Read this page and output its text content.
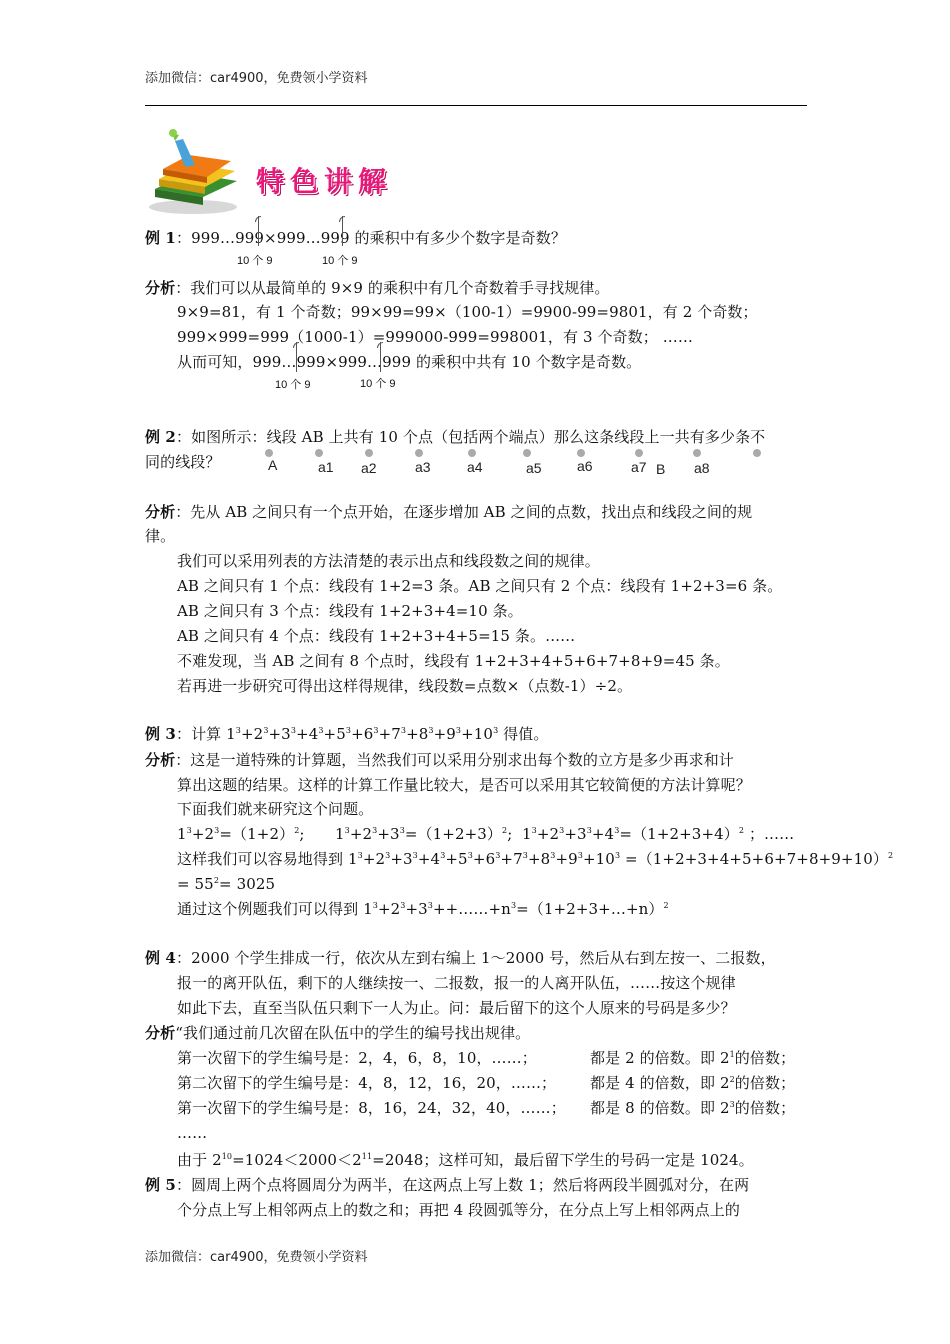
添加微信：car4900，免费领小学资料
添加微信：car4900，免费领小学资料
特色讲解
例 1：999…999×999…999 的乘积中有多少个数字是奇数？
10 个 9	10 个 9
分析：我们可以从最简单的 9×9 的乘积中有几个奇数着手寻找规律。
9×9=81，有 1 个奇数；99×99=99×（100-1）=9900-99=9801，有 2 个奇数；
999×999=999（1000-1）=999000-999=998001，有 3 个奇数； ……
从而可知，999…999×999…999 的乘积中共有 10 个数字是奇数。
10 个 9	10 个 9
例 2：如图所示：线段 AB 上共有 10 个点（包括两个端点）那么这条线段上一共有多少条不
同的线段？	A	a1 a2	a3	a4	a5	a6	a7 B a8
分析：先从 AB 之间只有一个点开始，在逐步增加 AB 之间的点数，找出点和线段之间的规
律。
我们可以采用列表的方法清楚的表示出点和线段数之间的规律。
AB 之间只有 1 个点：线段有 1+2=3 条。AB 之间只有 2 个点：线段有 1+2+3=6 条。
AB 之间只有 3 个点：线段有 1+2+3+4=10 条。
AB 之间只有 4 个点：线段有 1+2+3+4+5=15 条。……
不难发现，当 AB 之间有 8 个点时，线段有 1+2+3+4+5+6+7+8+9=45 条。
若再进一步研究可得出这样得规律，线段数=点数×（点数-1）÷2。
例 3：计算 $1^3+2^3+3^3+4^3+5^3+6^3+7^3+8^3+9^3+10^3$ 得值。
分析：这是一道特殊的计算题，当然我们可以采用分别求出每个数的立方是多少再求和计
算出这题的结果。这样的计算工作量比较大，是否可以采用其它较简便的方法计算呢？
下面我们就来研究这个问题。
$1^3+2^3=(1+2)^2$; $1^3+2^3+3^3=(1+2+3)^2$; $1^3+2^3+3^3+4^3=(1+2+3+4)^2$ ；……
这样我们可以容易地得到 $1^3+2^3+3^3+4^3+5^3+6^3+7^3+8^3+9^3+10^3 =(1+2+3+4+5+6+7+8+9+10)^2$
= $55^2= 3025$
通过这个例题我们可以得到 $1^3+2^3+3^3++\dots\dots+n^3=(1+2+3+\dots+n)^2$
例 4：2000 个学生排成一行，依次从左到右编上 1～2000 号，然后从右到左按一、二报数，
报一的离开队伍，剩下的人继续按一、二报数，报一的人离开队伍，……按这个规律
如此下去，直至当队伍只剩下一人为止。问：最后留下的这个人原来的号码是多少？
分析“我们通过前几次留在队伍中的学生的编号找出规律。
第一次留下的学生编号是：2，4，6，8，10，……；	都是 2 的倍数。即 $2^1$的倍数；
第二次留下的学生编号是：4，8，12，16，20，……； 都是 4 的倍数，即 $2^2$的倍数；
第一次留下的学生编号是：8，16，24，32，40，……； 都是 8 的倍数。即 $2^3$的倍数；
……
由于 $2^{10}=1024<2000<2^{11}=2048$；这样可知，最后留下学生的号码一定是 1024。
例 5：圆周上两个点将圆周分为两半，在这两点上写上数 1；然后将两段半圆弧对分，在两
个分点上写上相邻两点上的数之和；再把 4 段圆弧等分，在分点上写上相邻两点上的
